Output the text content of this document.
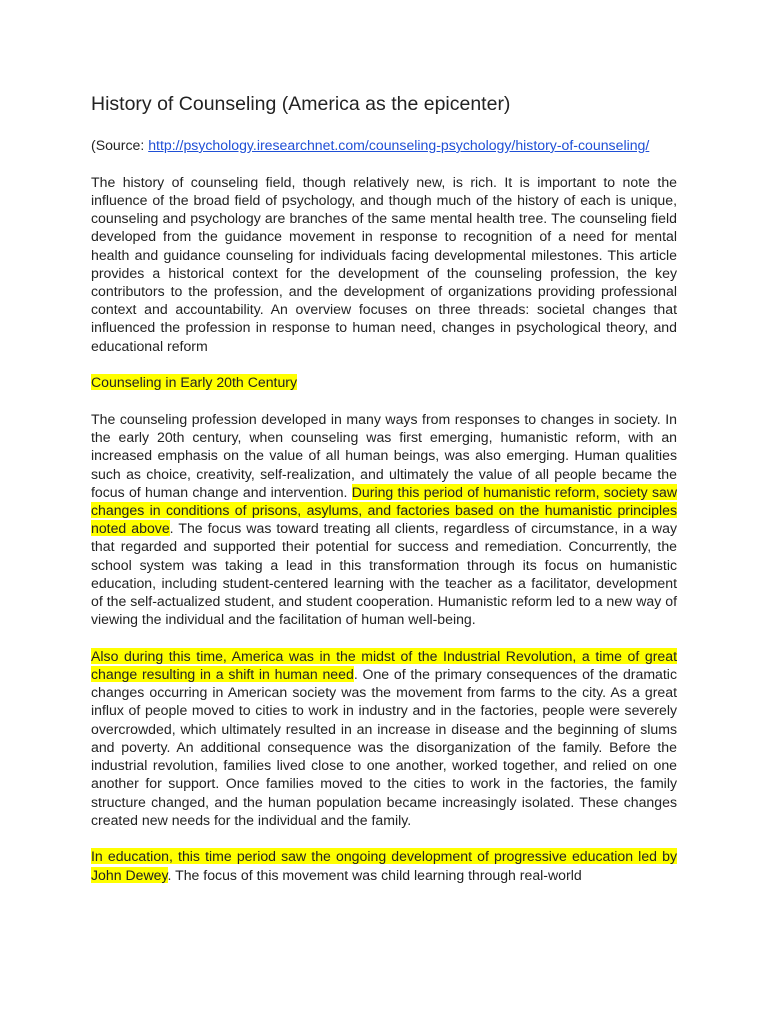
History of Counseling (America as the epicenter)

(Source: http://psychology.iresearchnet.com/counseling-psychology/history-of-counseling/

The history of counseling field, though relatively new, is rich. It is important to note the influence of the broad field of psychology, and though much of the history of each is unique, counseling and psychology are branches of the same mental health tree. The counseling field developed from the guidance movement in response to recognition of a need for mental health and guidance counseling for individuals facing developmental milestones. This article provides a historical context for the development of the counseling profession, the key contributors to the profession, and the development of organizations providing professional context and accountability. An overview focuses on three threads: societal changes that influenced the profession in response to human need, changes in psychological theory, and educational reform

Counseling in Early 20th Century

The counseling profession developed in many ways from responses to changes in society. In the early 20th century, when counseling was first emerging, humanistic reform, with an increased emphasis on the value of all human beings, was also emerging. Human qualities such as choice, creativity, self-realization, and ultimately the value of all people became the focus of human change and intervention. During this period of humanistic reform, society saw changes in conditions of prisons, asylums, and factories based on the humanistic principles noted above. The focus was toward treating all clients, regardless of circumstance, in a way that regarded and supported their potential for success and remediation. Concurrently, the school system was taking a lead in this transformation through its focus on humanistic education, including student-centered learning with the teacher as a facilitator, development of the self-actualized student, and student cooperation. Humanistic reform led to a new way of viewing the individual and the facilitation of human well-being.

Also during this time, America was in the midst of the Industrial Revolution, a time of great change resulting in a shift in human need. One of the primary consequences of the dramatic changes occurring in American society was the movement from farms to the city. As a great influx of people moved to cities to work in industry and in the factories, people were severely overcrowded, which ultimately resulted in an increase in disease and the beginning of slums and poverty. An additional consequence was the disorganization of the family. Before the industrial revolution, families lived close to one another, worked together, and relied on one another for support. Once families moved to the cities to work in the factories, the family structure changed, and the human population became increasingly isolated. These changes created new needs for the individual and the family.

In education, this time period saw the ongoing development of progressive education led by John Dewey. The focus of this movement was child learning through real-world
